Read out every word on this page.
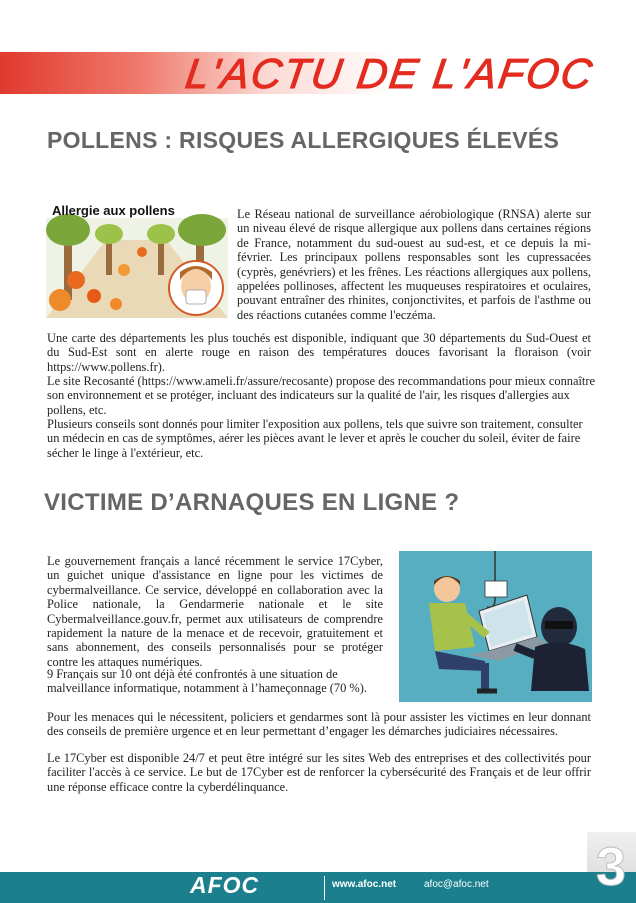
L'ACTU DE L'AFOC
POLLENS : RISQUES ALLERGIQUES ÉLEVÉS
Allergie aux pollens	Le Réseau national de surveillance aérobiologique (RNSA) alerte sur un niveau élevé de risque allergique aux pollens dans certaines régions de France, notamment du sud-ouest au sud-est, et ce depuis la mi-février. Les principaux pollens responsables sont les cupressacées (cyprès, genévriers) et les frênes. Les réactions allergiques aux pollens, appelées pollinoses, affectent les muqueuses respiratoires et oculaires, pouvant entraîner des rhinites, conjonctivites, et parfois de l'asthme ou des réactions cutanées comme l'eczéma.

Une carte des départements les plus touchés est disponible, indiquant que 30 départements du Sud-Ouest et du Sud-Est sont en alerte rouge en raison des températures douces favorisant la floraison (voir https://www.pollens.fr).

Le site Recosanté (https://www.ameli.fr/assure/recosante) propose des recommandations pour mieux connaître son environnement et se protéger, incluant des indicateurs sur la qualité de l'air, les risques d'allergies aux pollens, etc.

Plusieurs conseils sont donnés pour limiter l'exposition aux pollens, tels que suivre son traitement, consulter un médecin en cas de symptômes, aérer les pièces avant le lever et après le coucher du soleil, éviter de faire sécher le linge à l'extérieur, etc.

VICTIME D’ARNAQUES EN LIGNE ?

Le gouvernement français a lancé récemment le service 17Cyber, un guichet unique d'assistance en ligne pour les victimes de cybermalveillance. Ce service, développé en collaboration avec la Police nationale, la Gendarmerie nationale et le site Cybermalveillance.gouv.fr, permet aux utilisateurs de comprendre rapidement la nature de la menace et de recevoir, gratuitement et sans abonnement, des conseils personnalisés pour se protéger contre les attaques numériques.

9 Français sur 10 ont déjà été confrontés à une situation de malveillance informatique, notamment à l’hameçonnage (70 %).

Pour les menaces qui le nécessitent, policiers et gendarmes sont là pour assister les victimes en leur donnant des conseils de première urgence et en leur permettant d’engager les démarches judiciaires nécessaires.

Le 17Cyber est disponible 24/7 et peut être intégré sur les sites Web des entreprises et des collectivités pour faciliter l'accès à ce service. Le but de 17Cyber est de renforcer la cybersécurité des Français et de leur offrir une réponse efficace contre la cyberdélinquance.

AFOC	www.afoc.net	afoc@afoc.net 3
